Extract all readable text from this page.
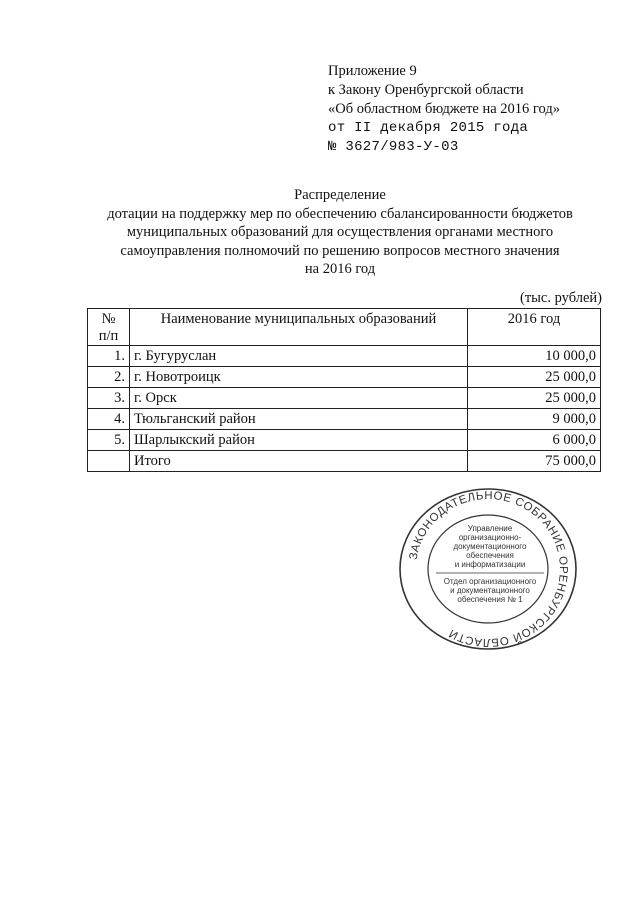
Приложение 9
к Закону Оренбургской области
«Об областном бюджете на 2016 год»
от II декабря 2015 года
№ 3627/983-У-03
Распределение
дотации на поддержку мер по обеспечению сбалансированности бюджетов
муниципальных образований для осуществления органами местного
самоуправления полномочий по решению вопросов местного значения
на 2016 год
(тыс. рублей)
№
п/п	Наименование муниципальных образований	2016 год
1.	г. Бугуруслан	10 000,0
2.	г. Новотроицк	25 000,0
3.	г. Орск	25 000,0
4.	Тюльганский район	9 000,0
5.	Шарлыкский район	6 000,0
	Итого	75 000,0
ЗАКОНОДАТЕЛЬНОЕ СОБРАНИЕ ОРЕНБУРГСКОЙ ОБЛАСТИ
Управление
организационно-
документационного
обеспечения
и информатизации
Отдел организационного
и документационного
обеспечения № 1
